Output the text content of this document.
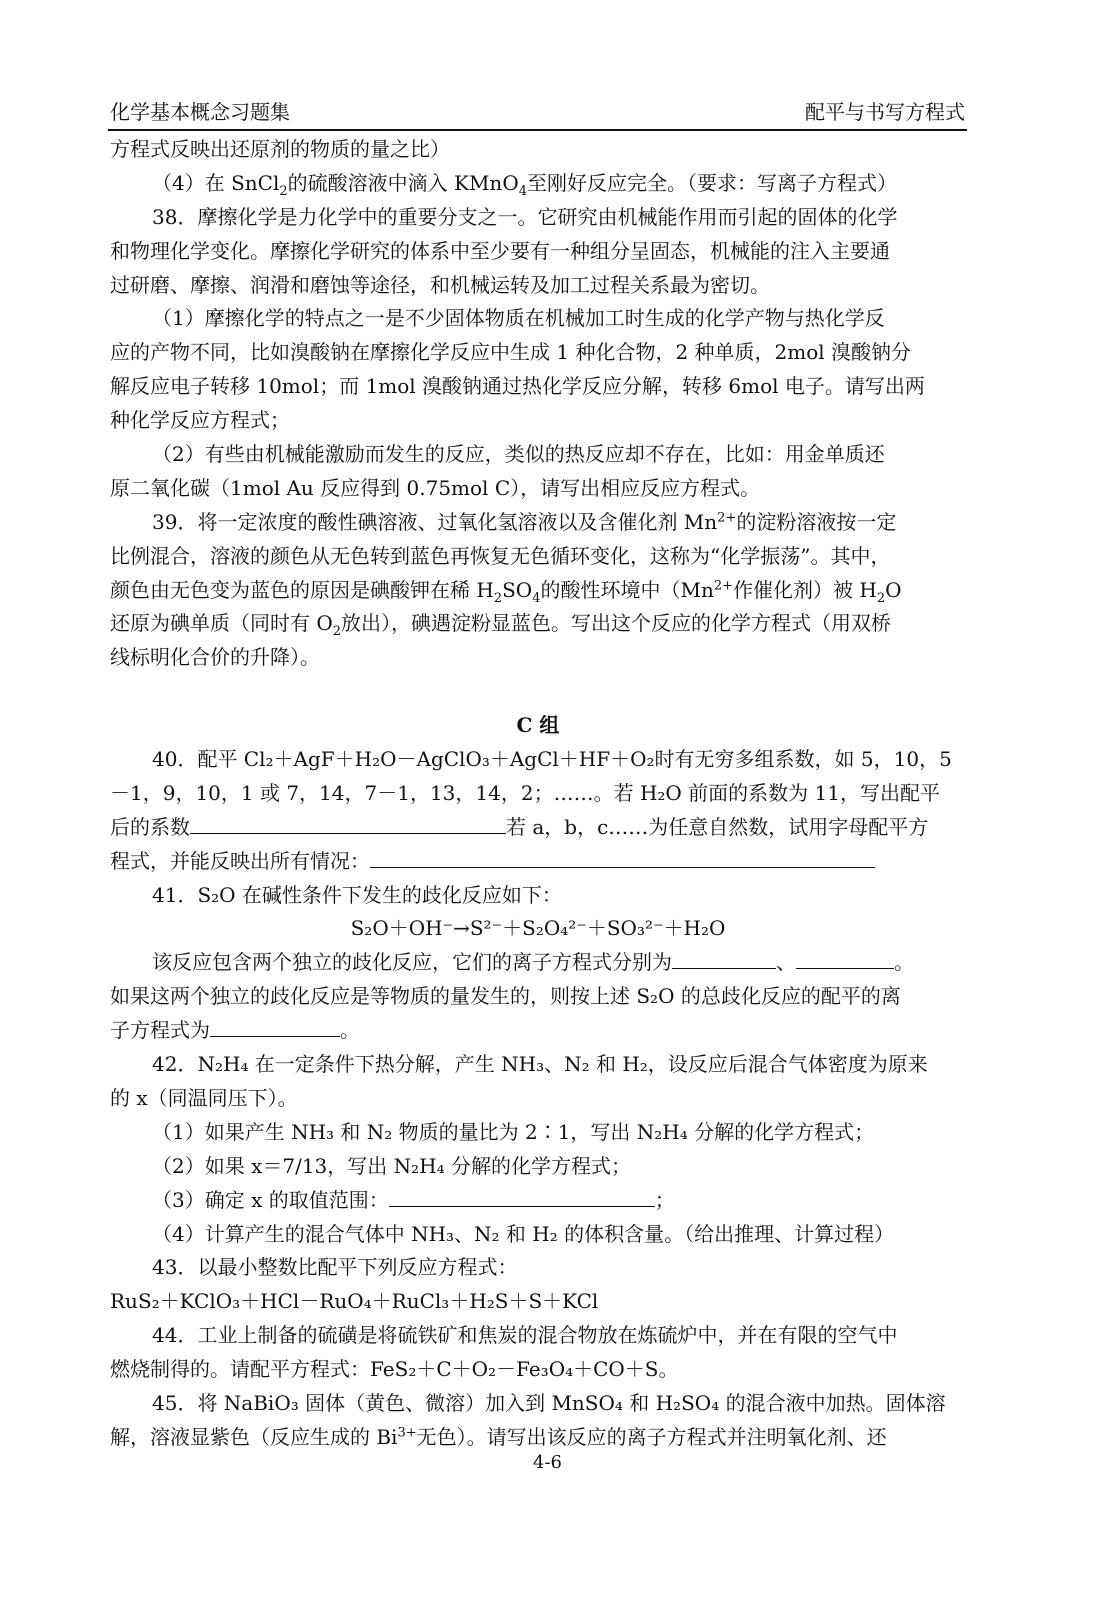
化学基本概念习题集	配平与书写方程式
方程式反映出还原剂的物质的量之比）
（4）在 SnCl$_2$的硫酸溶液中滴入 KMnO$_4$至刚好反应完全。（要求：写离子方程式）
38．摩擦化学是力化学中的重要分支之一。它研究由机械能作用而引起的固体的化学
和物理化学变化。摩擦化学研究的体系中至少要有一种组分呈固态，机械能的注入主要通
过研磨、摩擦、润滑和磨蚀等途径，和机械运转及加工过程关系最为密切。
（1）摩擦化学的特点之一是不少固体物质在机械加工时生成的化学产物与热化学反
应的产物不同，比如溴酸钠在摩擦化学反应中生成 1 种化合物，2 种单质，2mol 溴酸钠分
解反应电子转移 10mol；而 1mol 溴酸钠通过热化学反应分解，转移 6mol 电子。请写出两
种化学反应方程式；
（2）有些由机械能激励而发生的反应，类似的热反应却不存在，比如：用金单质还
原二氧化碳（1mol Au 反应得到 0.75mol C），请写出相应反应方程式。
39．将一定浓度的酸性碘溶液、过氧化氢溶液以及含催化剂 $Mn^{2+}$的淀粉溶液按一定
比例混合，溶液的颜色从无色转到蓝色再恢复无色循环变化，这称为“化学振荡”。其中，
颜色由无色变为蓝色的原因是碘酸钾在稀 $H_2SO_4$的酸性环境中（$Mn^{2+}$作催化剂）被 $H_2O$
还原为碘单质（同时有 $O_2$放出），碘遇淀粉显蓝色。写出这个反应的化学方程式（用双桥
线标明化合价的升降）。
C 组
40．配平 Cl₂＋AgF＋H₂O－AgClO₃＋AgCl＋HF＋O₂时有无穷多组系数，如 5，10，5
－1，9，10，1 或 7，14，7－1，13，14，2；……。若 H₂O 前面的系数为 11，写出配平
后的系数	若 a，b，c……为任意自然数，试用字母配平方
程式，并能反映出所有情况：
41．S₂O 在碱性条件下发生的歧化反应如下：
S₂O＋OH⁻→S²⁻＋S₂O₄²⁻＋SO₃²⁻＋H₂O
该反应包含两个独立的歧化反应，它们的离子方程式分别为	、	。
如果这两个独立的歧化反应是等物质的量发生的，则按上述 S₂O 的总歧化反应的配平的离
子方程式为	。
42．N₂H₄ 在一定条件下热分解，产生 NH₃、N₂ 和 H₂，设反应后混合气体密度为原来
的 x（同温同压下）。
（1）如果产生 NH₃ 和 N₂ 物质的量比为 2∶1，写出 N₂H₄ 分解的化学方程式；
（2）如果 x＝7/13，写出 N₂H₄ 分解的化学方程式；
（3）确定 x 的取值范围：	；
（4）计算产生的混合气体中 NH₃、N₂ 和 H₂ 的体积含量。（给出推理、计算过程）
43．以最小整数比配平下列反应方程式：
RuS₂＋KClO₃＋HCl－RuO₄＋RuCl₃＋H₂S＋S＋KCl
44．工业上制备的硫磺是将硫铁矿和焦炭的混合物放在炼硫炉中，并在有限的空气中
燃烧制得的。请配平方程式：FeS₂＋C＋O₂－Fe₃O₄＋CO＋S。
45．将 NaBiO₃ 固体（黄色、微溶）加入到 MnSO₄ 和 H₂SO₄ 的混合液中加热。固体溶
解，溶液显紫色（反应生成的 $Bi^{3+}$无色）。请写出该反应的离子方程式并注明氧化剂、还
4-6
